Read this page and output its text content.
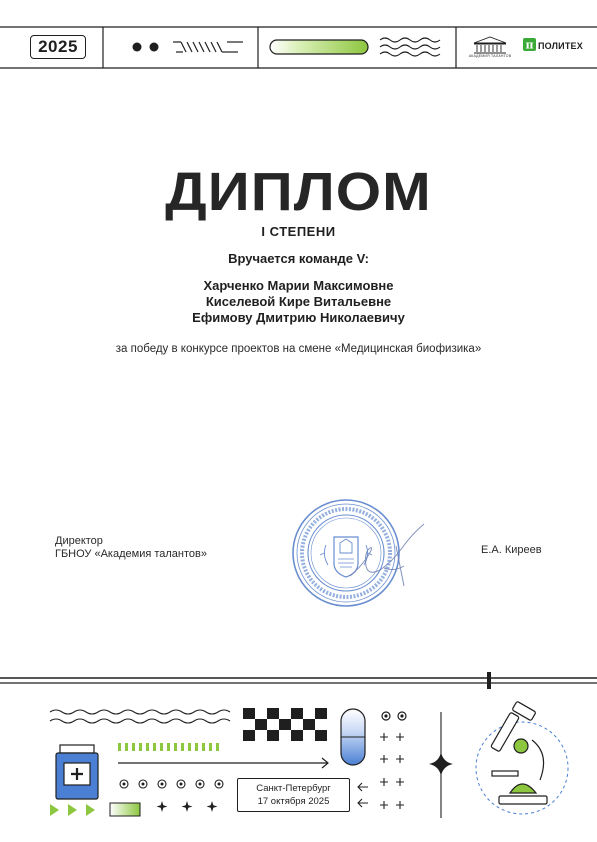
π
2025	АКАДЕМИЯ ТАЛАНТОВ
ПОЛИТЕХ
ДИПЛОМ
I СТЕПЕНИ
Вручается команде V:
Харченко Марии Максимовне
Киселевой Кире Витальевне
Ефимову Дмитрию Николаевичу
за победу в конкурсе проектов на смене «Медицинская биофизика»
Директор
ГБНОУ «Академия талантов»	Е.А. Киреев
Санкт-Петербург
17 октября 2025
